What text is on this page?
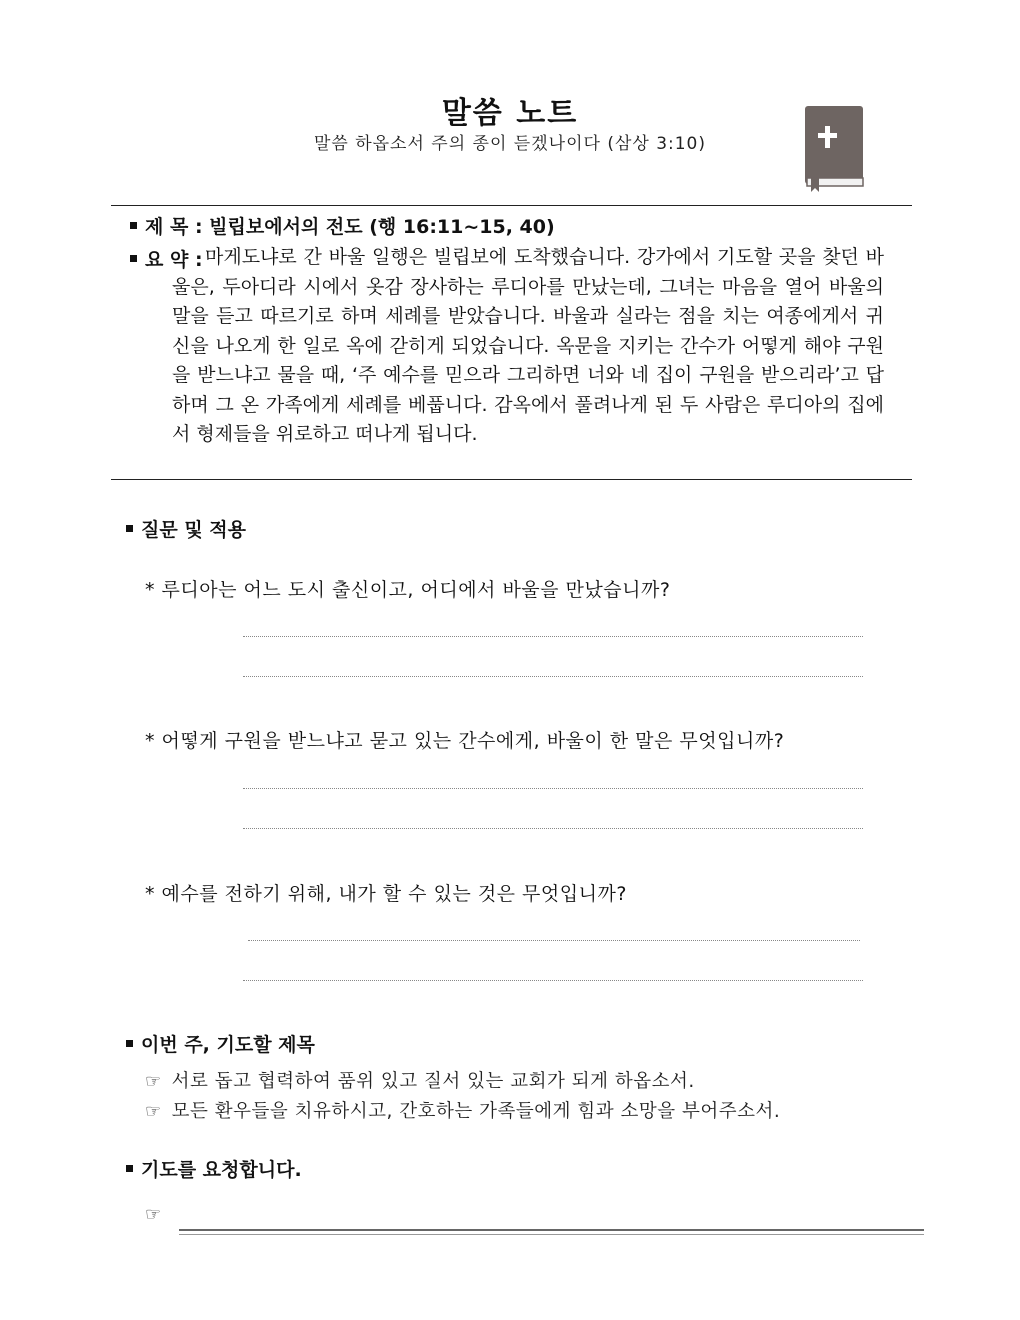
말씀 노트
말씀 하옵소서 주의 종이 듣겠나이다 (삼상 3:10)
제 목 : 빌립보에서의 전도 (행 16:11~15, 40)
요 약 : 마게도냐로 간 바울 일행은 빌립보에 도착했습니다. 강가에서 기도할 곳을 찾던 바울은, 두아디라 시에서 옷감 장사하는 루디아를 만났는데, 그녀는 마음을 열어 바울의 말을 듣고 따르기로 하며 세례를 받았습니다. 바울과 실라는 점을 치는 여종에게서 귀신을 나오게 한 일로 옥에 갇히게 되었습니다. 옥문을 지키는 간수가 어떻게 해야 구원을 받느냐고 물을 때, ‘주 예수를 믿으라 그리하면 너와 네 집이 구원을 받으리라’고 답하며 그 온 가족에게 세례를 베풉니다. 감옥에서 풀려나게 된 두 사람은 루디아의 집에서 형제들을 위로하고 떠나게 됩니다.
질문 및 적용
* 루디아는 어느 도시 출신이고, 어디에서 바울을 만났습니까?
* 어떻게 구원을 받느냐고 묻고 있는 간수에게, 바울이 한 말은 무엇입니까?
* 예수를 전하기 위해, 내가 할 수 있는 것은 무엇입니까?
이번 주, 기도할 제목
☞ 서로 돕고 협력하여 품위 있고 질서 있는 교회가 되게 하옵소서.
☞ 모든 환우들을 치유하시고, 간호하는 가족들에게 힘과 소망을 부어주소서.
기도를 요청합니다.
☞
